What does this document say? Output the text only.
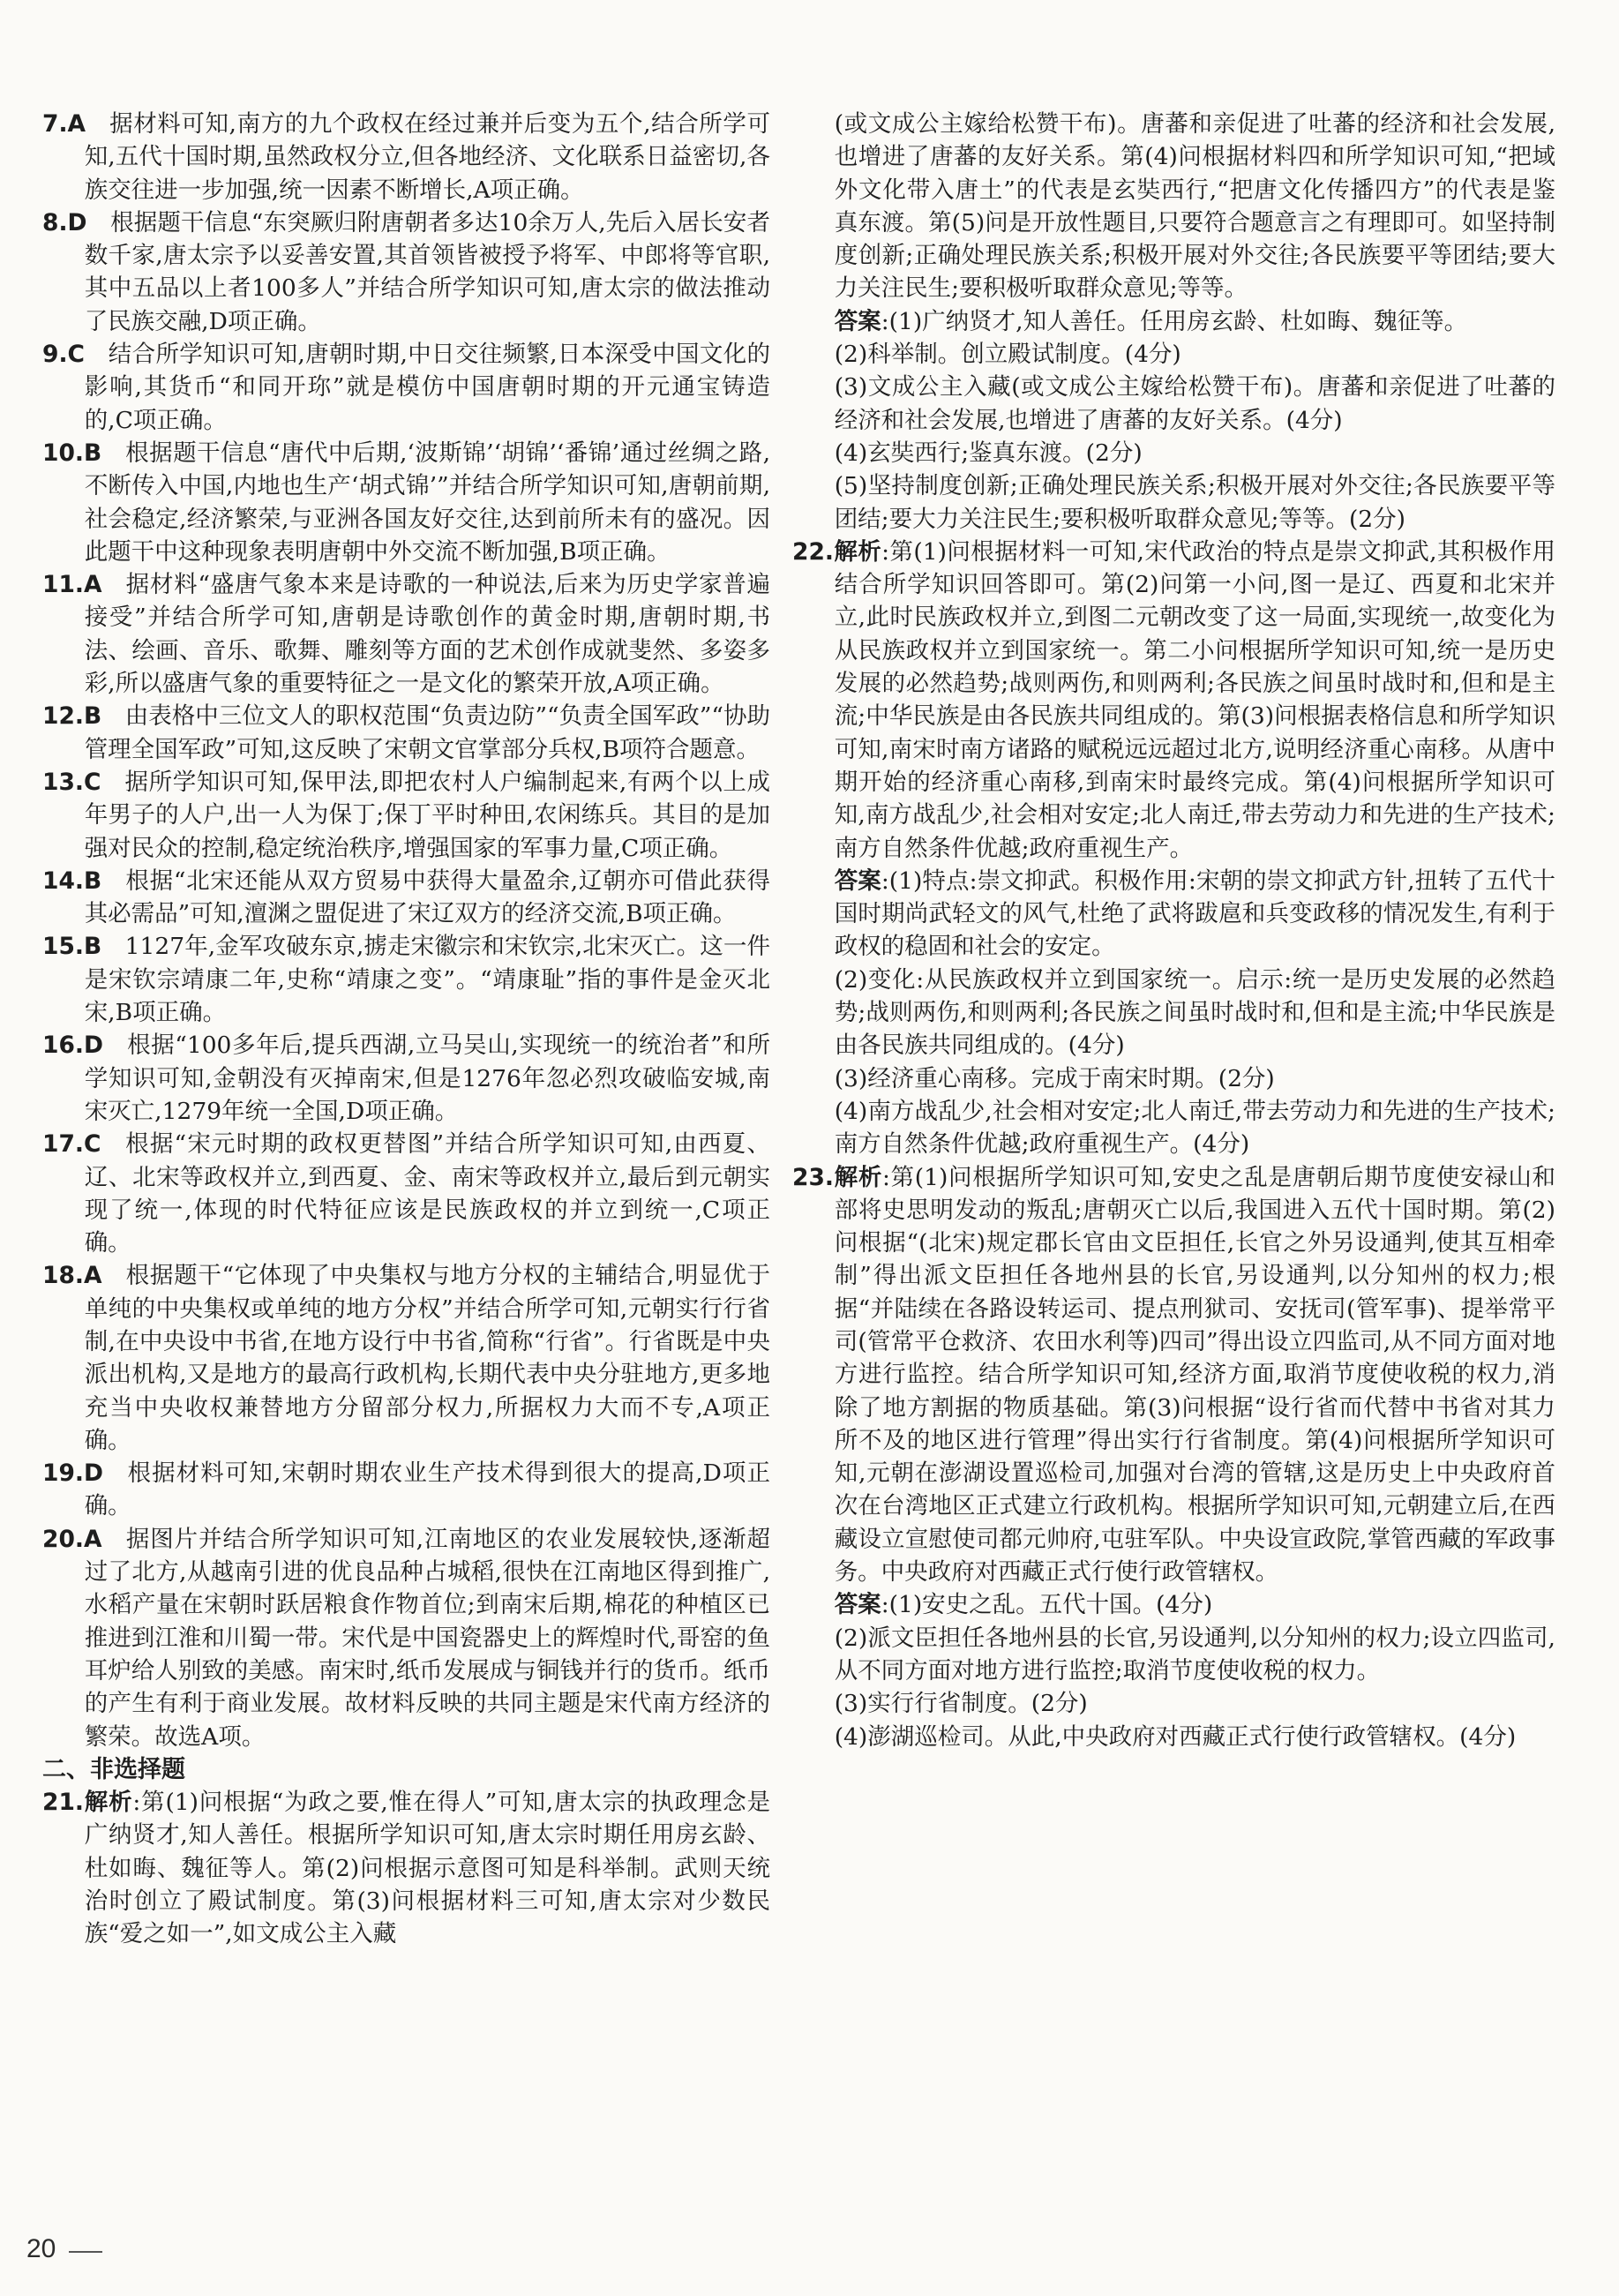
7.A  据材料可知,南方的九个政权在经过兼并后变为五个,结合所学可知,五代十国时期,虽然政权分立,但各地经济、文化联系日益密切,各族交往进一步加强,统一因素不断增长,A项正确。

8.D  根据题干信息“东突厥归附唐朝者多达10余万人,先后入居长安者数千家,唐太宗予以妥善安置,其首领皆被授予将军、中郎将等官职,其中五品以上者100多人”并结合所学知识可知,唐太宗的做法推动了民族交融,D项正确。

9.C  结合所学知识可知,唐朝时期,中日交往频繁,日本深受中国文化的影响,其货币“和同开珎”就是模仿中国唐朝时期的开元通宝铸造的,C项正确。

10.B  根据题干信息“唐代中后期,‘波斯锦’‘胡锦’‘番锦’通过丝绸之路,不断传入中国,内地也生产‘胡式锦’”并结合所学知识可知,唐朝前期,社会稳定,经济繁荣,与亚洲各国友好交往,达到前所未有的盛况。因此题干中这种现象表明唐朝中外交流不断加强,B项正确。

11.A  据材料“盛唐气象本来是诗歌的一种说法,后来为历史学家普遍接受”并结合所学可知,唐朝是诗歌创作的黄金时期,唐朝时期,书法、绘画、音乐、歌舞、雕刻等方面的艺术创作成就斐然、多姿多彩,所以盛唐气象的重要特征之一是文化的繁荣开放,A项正确。

12.B  由表格中三位文人的职权范围“负责边防”“负责全国军政”“协助管理全国军政”可知,这反映了宋朝文官掌部分兵权,B项符合题意。

13.C  据所学知识可知,保甲法,即把农村人户编制起来,有两个以上成年男子的人户,出一人为保丁;保丁平时种田,农闲练兵。其目的是加强对民众的控制,稳定统治秩序,增强国家的军事力量,C项正确。

14.B  根据“北宋还能从双方贸易中获得大量盈余,辽朝亦可借此获得其必需品”可知,澶渊之盟促进了宋辽双方的经济交流,B项正确。

15.B  1127年,金军攻破东京,掳走宋徽宗和宋钦宗,北宋灭亡。这一件是宋钦宗靖康二年,史称“靖康之变”。“靖康耻”指的事件是金灭北宋,B项正确。

16.D  根据“100多年后,提兵西湖,立马吴山,实现统一的统治者”和所学知识可知,金朝没有灭掉南宋,但是1276年忽必烈攻破临安城,南宋灭亡,1279年统一全国,D项正确。

17.C  根据“宋元时期的政权更替图”并结合所学知识可知,由西夏、辽、北宋等政权并立,到西夏、金、南宋等政权并立,最后到元朝实现了统一,体现的时代特征应该是民族政权的并立到统一,C项正确。

18.A  根据题干“它体现了中央集权与地方分权的主辅结合,明显优于单纯的中央集权或单纯的地方分权”并结合所学可知,元朝实行行省制,在中央设中书省,在地方设行中书省,简称“行省”。行省既是中央派出机构,又是地方的最高行政机构,长期代表中央分驻地方,更多地充当中央收权兼替地方分留部分权力,所据权力大而不专,A项正确。

19.D  根据材料可知,宋朝时期农业生产技术得到很大的提高,D项正确。

20.A  据图片并结合所学知识可知,江南地区的农业发展较快,逐渐超过了北方,从越南引进的优良品种占城稻,很快在江南地区得到推广,水稻产量在宋朝时跃居粮食作物首位;到南宋后期,棉花的种植区已推进到江淮和川蜀一带。宋代是中国瓷器史上的辉煌时代,哥窑的鱼耳炉给人别致的美感。南宋时,纸币发展成与铜钱并行的货币。纸币的产生有利于商业发展。故材料反映的共同主题是宋代南方经济的繁荣。故选A项。

二、非选择题

21.解析:第(1)问根据“为政之要,惟在得人”可知,唐太宗的执政理念是广纳贤才,知人善任。根据所学知识可知,唐太宗时期任用房玄龄、杜如晦、魏征等人。第(2)问根据示意图可知是科举制。武则天统治时创立了殿试制度。第(3)问根据材料三可知,唐太宗对少数民族“爱之如一”,如文成公主入藏

(或文成公主嫁给松赞干布)。唐蕃和亲促进了吐蕃的经济和社会发展,也增进了唐蕃的友好关系。第(4)问根据材料四和所学知识可知,“把域外文化带入唐土”的代表是玄奘西行,“把唐文化传播四方”的代表是鉴真东渡。第(5)问是开放性题目,只要符合题意言之有理即可。如坚持制度创新;正确处理民族关系;积极开展对外交往;各民族要平等团结;要大力关注民生;要积极听取群众意见;等等。

答案:(1)广纳贤才,知人善任。任用房玄龄、杜如晦、魏征等。

(2)科举制。创立殿试制度。(4分)

(3)文成公主入藏(或文成公主嫁给松赞干布)。唐蕃和亲促进了吐蕃的经济和社会发展,也增进了唐蕃的友好关系。(4分)

(4)玄奘西行;鉴真东渡。(2分)

(5)坚持制度创新;正确处理民族关系;积极开展对外交往;各民族要平等团结;要大力关注民生;要积极听取群众意见;等等。(2分)

22.解析:第(1)问根据材料一可知,宋代政治的特点是崇文抑武,其积极作用结合所学知识回答即可。第(2)问第一小问,图一是辽、西夏和北宋并立,此时民族政权并立,到图二元朝改变了这一局面,实现统一,故变化为从民族政权并立到国家统一。第二小问根据所学知识可知,统一是历史发展的必然趋势;战则两伤,和则两利;各民族之间虽时战时和,但和是主流;中华民族是由各民族共同组成的。第(3)问根据表格信息和所学知识可知,南宋时南方诸路的赋税远远超过北方,说明经济重心南移。从唐中期开始的经济重心南移,到南宋时最终完成。第(4)问根据所学知识可知,南方战乱少,社会相对安定;北人南迁,带去劳动力和先进的生产技术;南方自然条件优越;政府重视生产。

答案:(1)特点:崇文抑武。积极作用:宋朝的崇文抑武方针,扭转了五代十国时期尚武轻文的风气,杜绝了武将跋扈和兵变政移的情况发生,有利于政权的稳固和社会的安定。

(2)变化:从民族政权并立到国家统一。启示:统一是历史发展的必然趋势;战则两伤,和则两利;各民族之间虽时战时和,但和是主流;中华民族是由各民族共同组成的。(4分)

(3)经济重心南移。完成于南宋时期。(2分)

(4)南方战乱少,社会相对安定;北人南迁,带去劳动力和先进的生产技术;南方自然条件优越;政府重视生产。(4分)

23.解析:第(1)问根据所学知识可知,安史之乱是唐朝后期节度使安禄山和部将史思明发动的叛乱;唐朝灭亡以后,我国进入五代十国时期。第(2)问根据“(北宋)规定郡长官由文臣担任,长官之外另设通判,使其互相牵制”得出派文臣担任各地州县的长官,另设通判,以分知州的权力;根据“并陆续在各路设转运司、提点刑狱司、安抚司(管军事)、提举常平司(管常平仓救济、农田水利等)四司”得出设立四监司,从不同方面对地方进行监控。结合所学知识可知,经济方面,取消节度使收税的权力,消除了地方割据的物质基础。第(3)问根据“设行省而代替中书省对其力所不及的地区进行管理”得出实行行省制度。第(4)问根据所学知识可知,元朝在澎湖设置巡检司,加强对台湾的管辖,这是历史上中央政府首次在台湾地区正式建立行政机构。根据所学知识可知,元朝建立后,在西藏设立宣慰使司都元帅府,屯驻军队。中央设宣政院,掌管西藏的军政事务。中央政府对西藏正式行使行政管辖权。

答案:(1)安史之乱。五代十国。(4分)

(2)派文臣担任各地州县的长官,另设通判,以分知州的权力;设立四监司,从不同方面对地方进行监控;取消节度使收税的权力。

(3)实行行省制度。(2分)

(4)澎湖巡检司。从此,中央政府对西藏正式行使行政管辖权。(4分)

20
